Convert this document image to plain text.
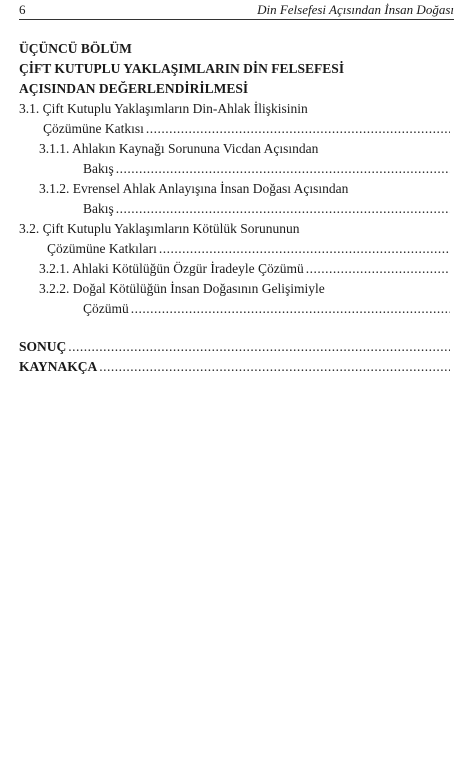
6	Din Felsefesi Açısından İnsan Doğası
ÜÇÜNCÜ BÖLÜM
ÇİFT KUTUPLU YAKLAŞIMLARIN DİN FELSEFESİ
AÇISINDAN DEĞERLENDİRİLMESİ
3.1. Çift Kutuplu Yaklaşımların Din-Ahlak İlişkisinin
Çözümüne Katkısı
.....
3.1.1. Ahlakın Kaynağı Sorununa Vicdan Açısından
Bakış
.....
3.1.2. Evrensel Ahlak Anlayışına İnsan Doğası Açısından
Bakış
.....
3.2. Çift Kutuplu Yaklaşımların Kötülük Sorununun
Çözümüne Katkıları
.....
3.2.1. Ahlaki Kötülüğün Özgür İradeyle Çözümü
.....
3.2.2. Doğal Kötülüğün İnsan Doğasının Gelişimiyle
Çözümü
.....
SONUÇ
.....
KAYNAKÇA
.....
